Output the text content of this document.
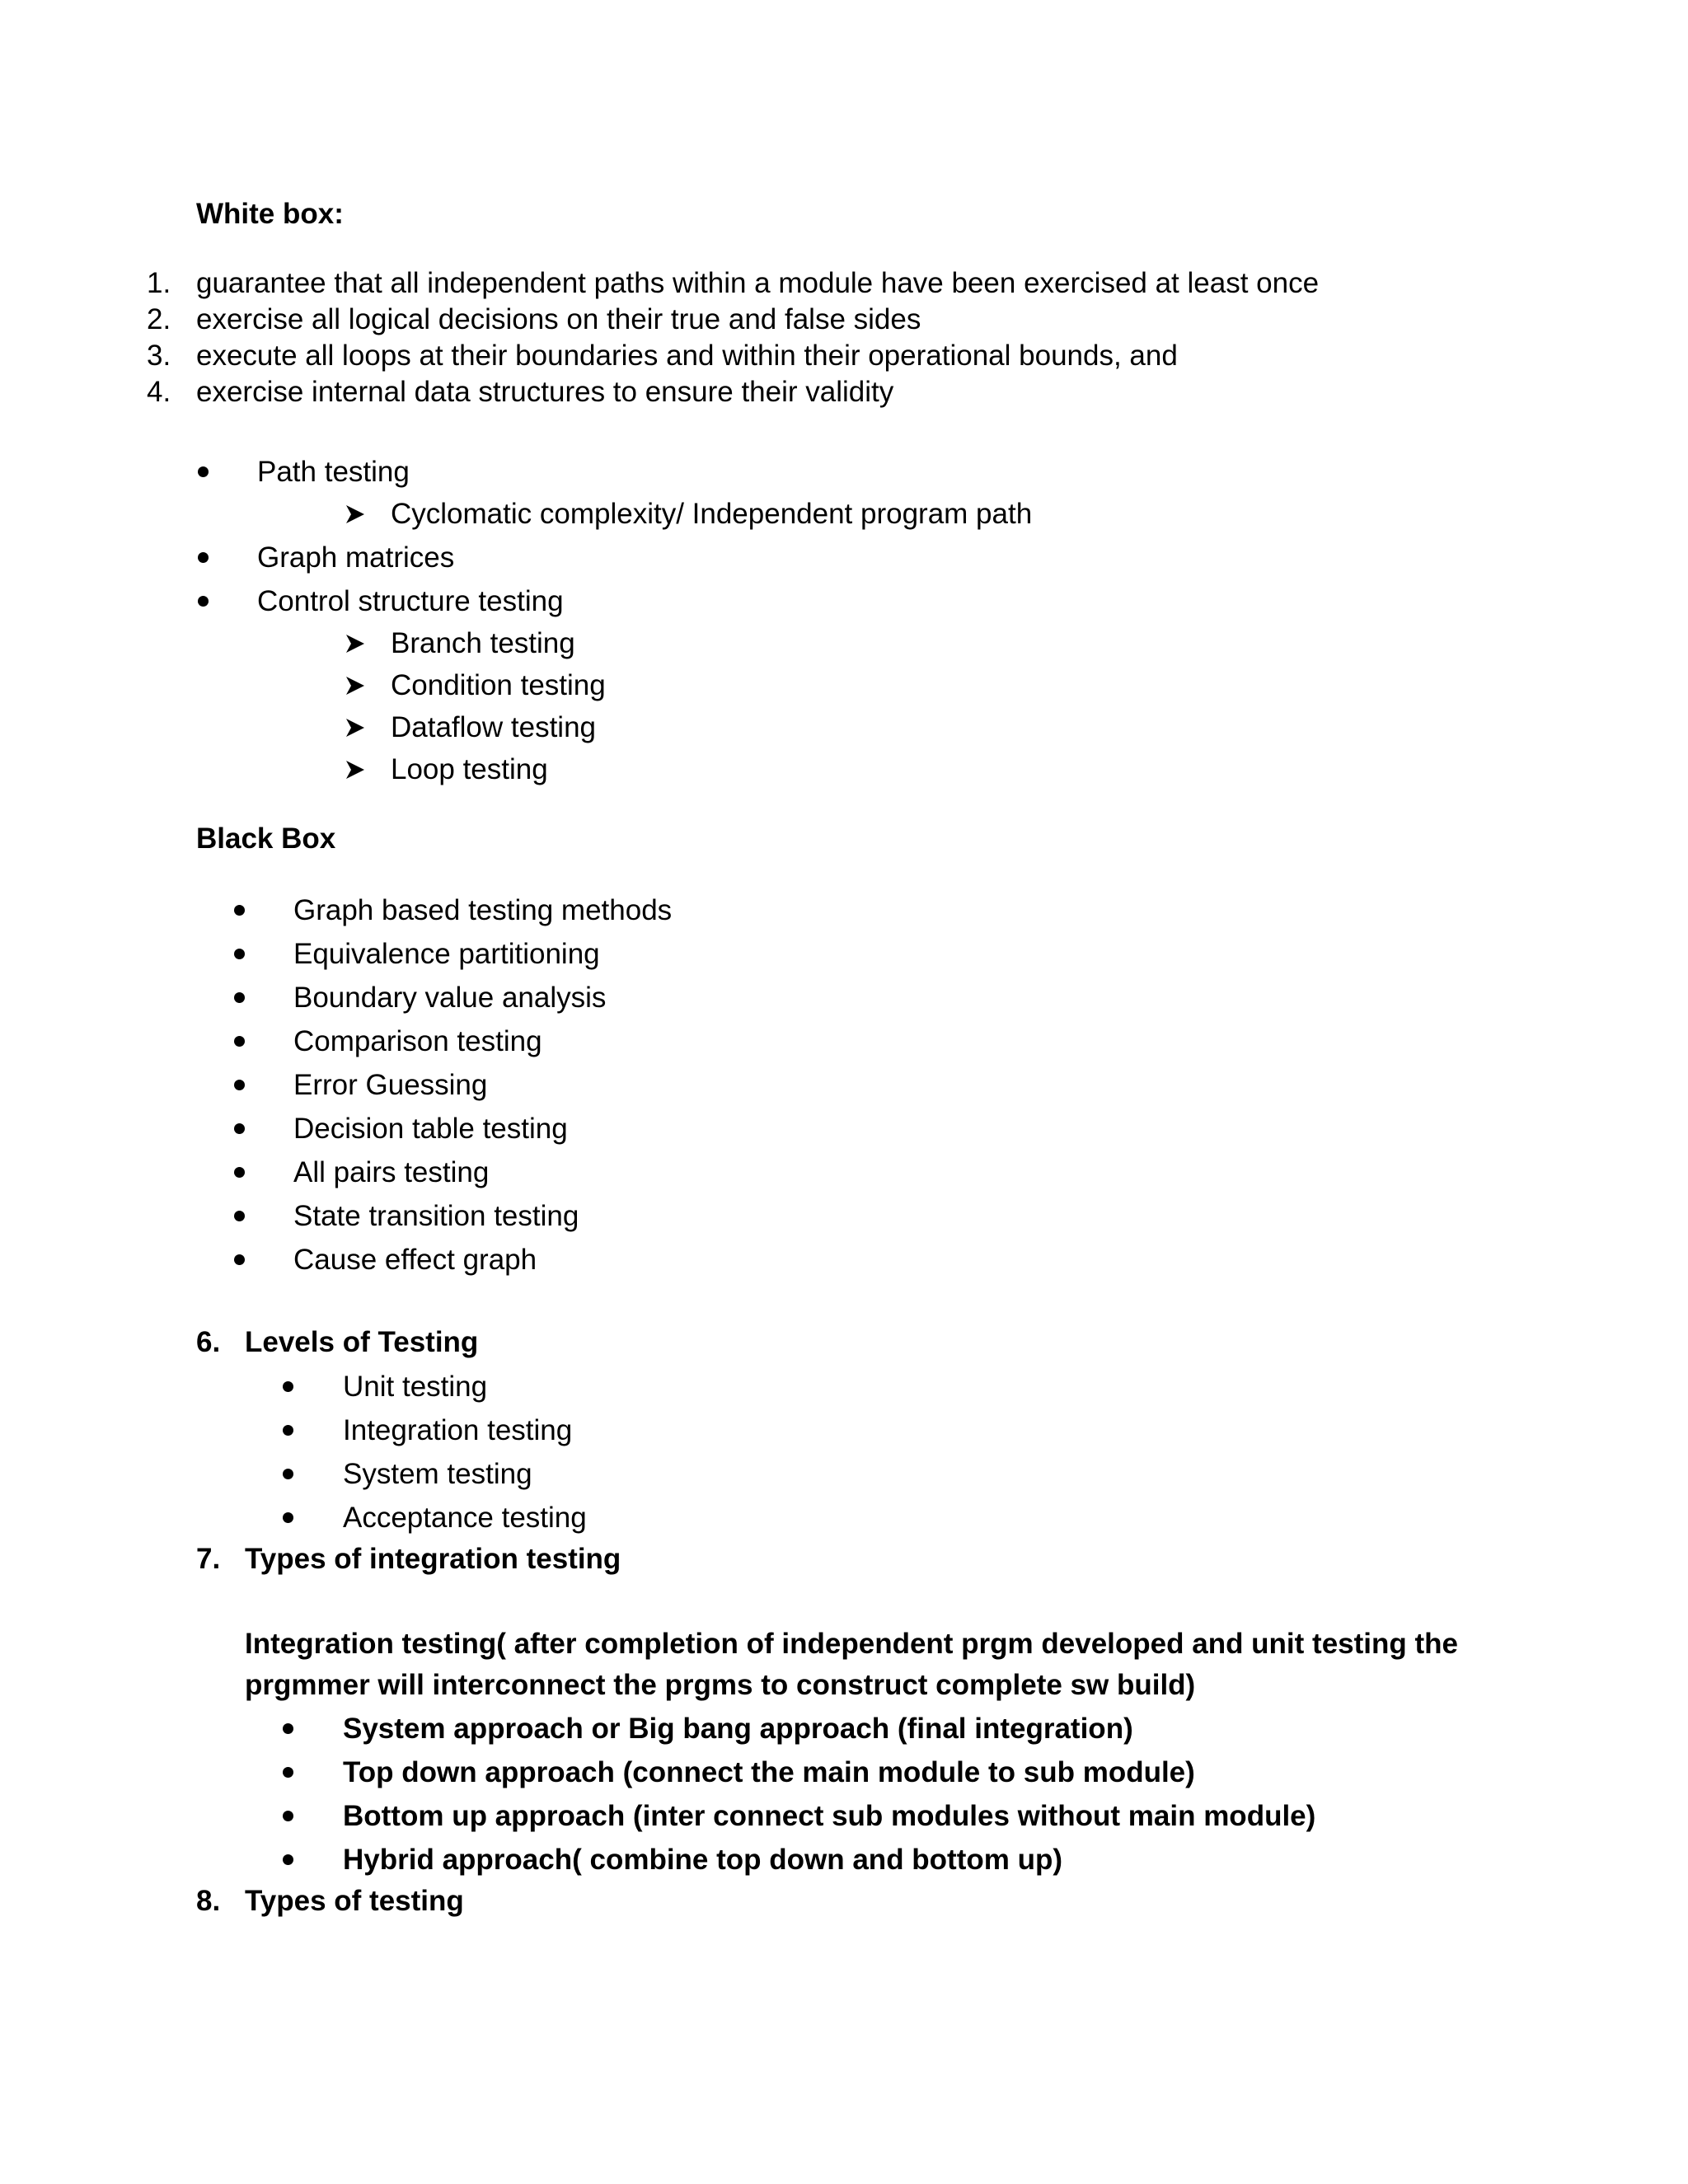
White box:
1. guarantee that all independent paths within a module have been exercised at least once
2. exercise all logical decisions on their true and false sides
3. execute all loops at their boundaries and within their operational bounds, and
4. exercise internal data structures to ensure their validity
Path testing
Cyclomatic complexity/ Independent program path
Graph matrices
Control structure testing
Branch testing
Condition testing
Dataflow testing
Loop testing
Black Box
Graph based testing methods
Equivalence partitioning
Boundary value analysis
Comparison testing
Error Guessing
Decision table testing
All pairs testing
State transition testing
Cause effect graph
6. Levels of Testing
Unit testing
Integration testing
System testing
Acceptance testing
7. Types of integration testing
Integration testing( after completion of independent prgm developed and unit testing the
prgmmer will interconnect the prgms to construct complete sw build)
System approach or Big bang approach (final integration)
Top down approach (connect the main module to sub module)
Bottom up approach (inter connect sub modules without main module)
Hybrid approach( combine top down and bottom up)
8. Types of testing
